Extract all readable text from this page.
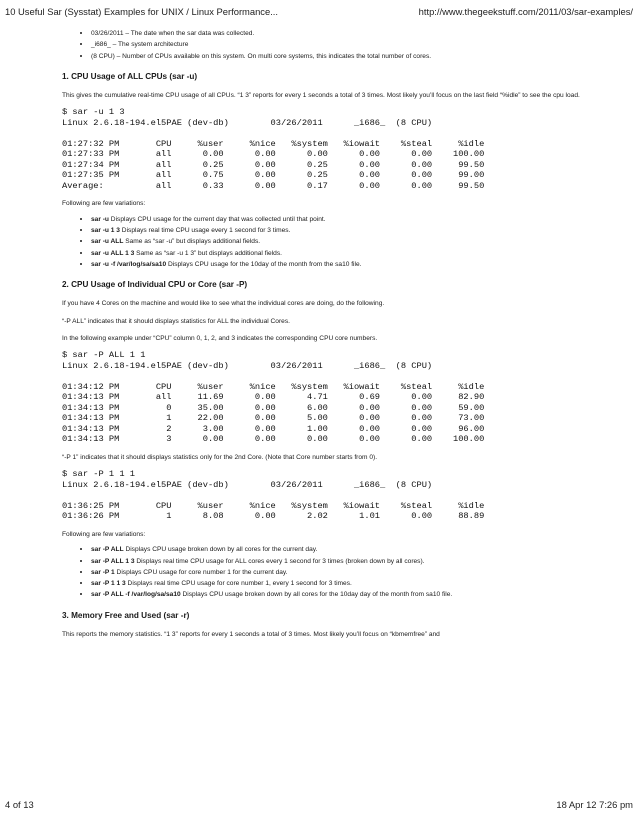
10 Useful Sar (Sysstat) Examples for UNIX / Linux Performance...	http://www.thegeekstuff.com/2011/03/sar-examples/
• 03/26/2011 – The date when the sar data was collected.
• _i686_ – The system architecture
• (8 CPU) – Number of CPUs available on this system. On multi core systems, this indicates the total number of cores.
1. CPU Usage of ALL CPUs (sar -u)
This gives the cumulative real-time CPU usage of all CPUs. “1 3” reports for every 1 seconds a total of 3 times. Most likely you’ll focus on the last field “%idle” to see the cpu load.
$ sar -u 1 3
Linux 2.6.18-194.el5PAE (dev-db)        03/26/2011      _i686_  (8 CPU)

01:27:32 PM       CPU     %user     %nice   %system   %iowait    %steal     %idle
01:27:33 PM       all      0.00      0.00      0.00      0.00      0.00    100.00
01:27:34 PM       all      0.25      0.00      0.25      0.00      0.00     99.50
01:27:35 PM       all      0.75      0.00      0.25      0.00      0.00     99.00
Average:          all      0.33      0.00      0.17      0.00      0.00     99.50
Following are few variations:
• sar -u Displays CPU usage for the current day that was collected until that point.
• sar -u 1 3 Displays real time CPU usage every 1 second for 3 times.
• sar -u ALL Same as “sar -u” but displays additional fields.
• sar -u ALL 1 3 Same as “sar -u 1 3” but displays additional fields.
• sar -u -f /var/log/sa/sa10 Displays CPU usage for the 10day of the month from the sa10 file.
2. CPU Usage of Individual CPU or Core (sar -P)
If you have 4 Cores on the machine and would like to see what the individual cores are doing, do the following.
“-P ALL” indicates that it should displays statistics for ALL the individual Cores.
In the following example under “CPU” column 0, 1, 2, and 3 indicates the corresponding CPU core numbers.
$ sar -P ALL 1 1
Linux 2.6.18-194.el5PAE (dev-db)        03/26/2011      _i686_  (8 CPU)

01:34:12 PM       CPU     %user     %nice   %system   %iowait    %steal     %idle
01:34:13 PM       all     11.69      0.00      4.71      0.69      0.00     82.90
01:34:13 PM         0     35.00      0.00      6.00      0.00      0.00     59.00
01:34:13 PM         1     22.00      0.00      5.00      0.00      0.00     73.00
01:34:13 PM         2      3.00      0.00      1.00      0.00      0.00     96.00
01:34:13 PM         3      0.00      0.00      0.00      0.00      0.00    100.00
“-P 1” indicates that it should displays statistics only for the 2nd Core. (Note that Core number starts from 0).
$ sar -P 1 1 1
Linux 2.6.18-194.el5PAE (dev-db)        03/26/2011      _i686_  (8 CPU)

01:36:25 PM       CPU     %user     %nice   %system   %iowait    %steal     %idle
01:36:26 PM         1      8.08      0.00      2.02      1.01      0.00     88.89
Following are few variations:
• sar -P ALL Displays CPU usage broken down by all cores for the current day.
• sar -P ALL 1 3 Displays real time CPU usage for ALL cores every 1 second for 3 times (broken down by all cores).
• sar -P 1 Displays CPU usage for core number 1 for the current day.
• sar -P 1 1 3 Displays real time CPU usage for core number 1, every 1 second for 3 times.
• sar -P ALL -f /var/log/sa/sa10 Displays CPU usage broken down by all cores for the 10day day of the month from sa10 file.
3. Memory Free and Used (sar -r)
This reports the memory statistics. “1 3” reports for every 1 seconds a total of 3 times. Most likely you’ll focus on “kbmemfree” and
4 of 13	18 Apr 12 7:26 pm
